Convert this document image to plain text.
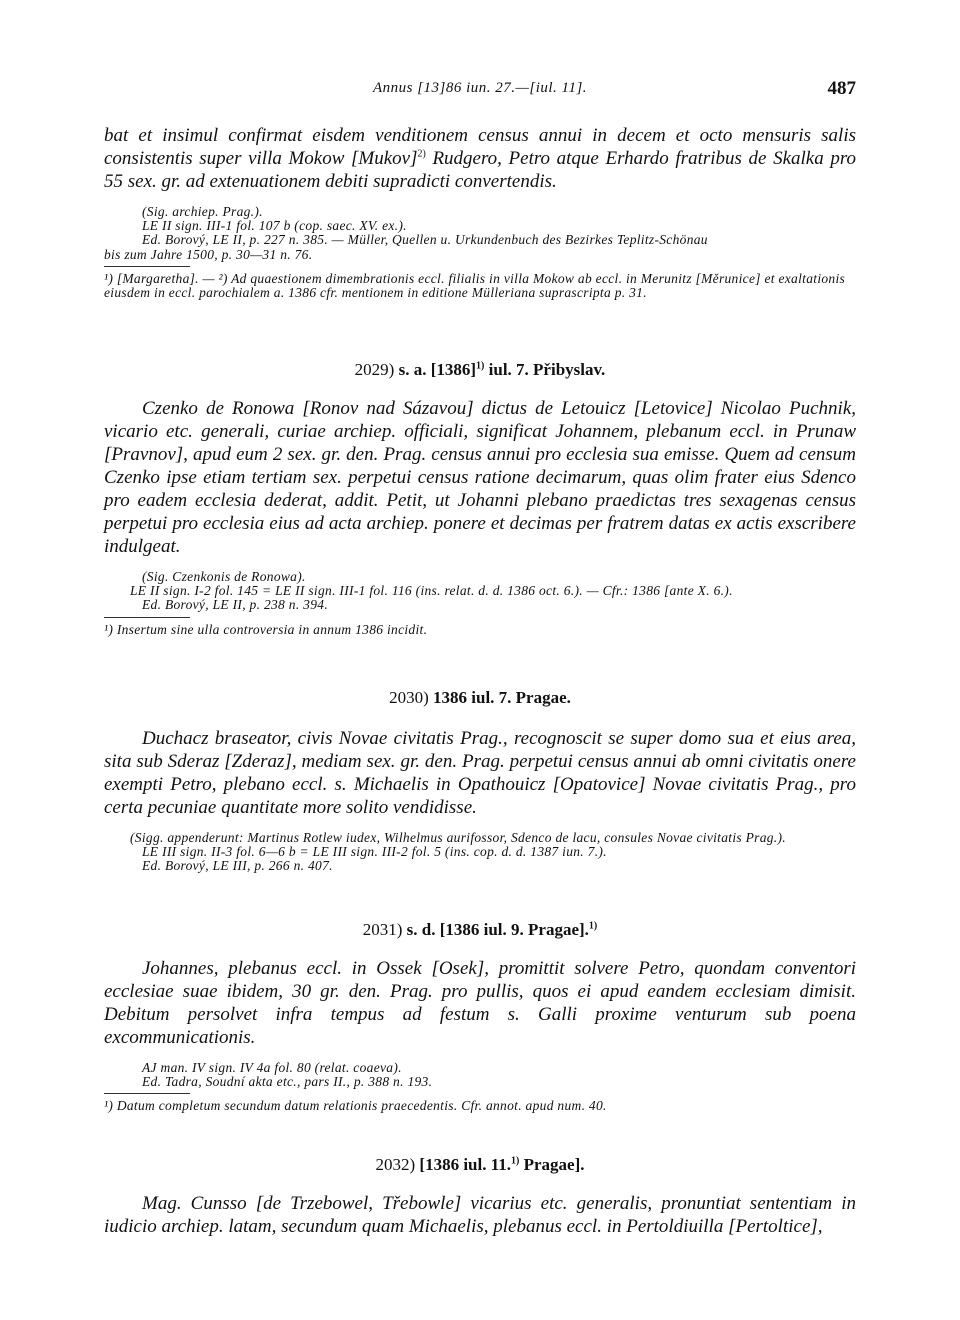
Annus [13]86 iun. 27.—[iul. 11].	487

bat et insimul confirmat eisdem venditionem census annui in decem et octo mensuris salis consistentis super villa Mokow [Mukov]$^{2)}$ Rudgero, Petro atque Erhardo fratribus de Skalka pro 55 sex. gr. ad extenuationem debiti supradicti convertendis.

(Sig. archiep. Prag.).

LE II sign. III-1 fol. 107 b (cop. saec. XV. ex.).

Ed. Borový, LE II, p. 227 n. 385. — Müller, Quellen u. Urkundenbuch des Bezirkes Teplitz-Schönau

bis zum Jahre 1500, p. 30—31 n. 76.

¹) [Margaretha]. — ²) Ad quaestionem dimembrationis eccl. filialis in villa Mokow ab eccl. in Merunitz [Měrunice] et exaltationis eiusdem in eccl. parochialem a. 1386 cfr. mentionem in editione Mülleriana suprascripta p. 31.

2029) s. a. $[1386]^{1)}$ iul. 7. Přibyslav.

Czenko de Ronowa [Ronov nad Sázavou] dictus de Letouicz [Letovice] Nicolao Puchnik, vicario etc. generali, curiae archiep. officiali, significat Johannem, plebanum eccl. in Prunaw [Pravnov], apud eum 2 sex. gr. den. Prag. census annui pro ecclesia sua emisse. Quem ad censum Czenko ipse etiam tertiam sex. perpetui census ratione decimarum, quas olim frater eius Sdenco pro eadem ecclesia dederat, addit. Petit, ut Johanni plebano praedictas tres sexagenas census perpetui pro ecclesia eius ad acta archiep. ponere et decimas per fratrem datas ex actis exscribere indulgeat.

(Sig. Czenkonis de Ronowa).

LE II sign. I-2 fol. 145 = LE II sign. III-1 fol. 116 (ins. relat. d. d. 1386 oct. 6.). — Cfr.: 1386 [ante X. 6.).

Ed. Borový, LE II, p. 238 n. 394.

¹) Insertum sine ulla controversia in annum 1386 incidit.

2030) 1386 iul. 7. Pragae.

Duchacz braseator, civis Novae civitatis Prag., recognoscit se super domo sua et eius area, sita sub Sderaz [Zderaz], mediam sex. gr. den. Prag. perpetui census annui ab omni civitatis onere exempti Petro, plebano eccl. s. Michaelis in Opathouicz [Opatovice] Novae civitatis Prag., pro certa pecuniae quantitate more solito vendidisse.

(Sigg. appenderunt: Martinus Rotlew iudex, Wilhelmus aurifossor, Sdenco de lacu, consules Novae civitatis Prag.).

LE III sign. II-3 fol. 6—6 b = LE III sign. III-2 fol. 5 (ins. cop. d. d. 1387 iun. 7.).

Ed. Borový, LE III, p. 266 n. 407.

2031) s. d. [1386 iul. 9. Pragae].$^{1)}$

Johannes, plebanus eccl. in Ossek [Osek], promittit solvere Petro, quondam conventori ecclesiae suae ibidem, 30 gr. den. Prag. pro pullis, quos ei apud eandem ecclesiam dimisit. Debitum persolvet infra tempus ad festum s. Galli proxime venturum sub poena excommunicationis.

AJ man. IV sign. IV 4a fol. 80 (relat. coaeva).

Ed. Tadra, Soudní akta etc., pars II., p. 388 n. 193.

¹) Datum completum secundum datum relationis praecedentis. Cfr. annot. apud num. 40.

2032) [1386 iul. 11.$^{1)}$ Pragae].

Mag. Cunsso [de Trzebowel, Třebowle] vicarius etc. generalis, pronuntiat sententiam in iudicio archiep. latam, secundum quam Michaelis, plebanus eccl. in Pertoldiuilla [Pertoltice],
